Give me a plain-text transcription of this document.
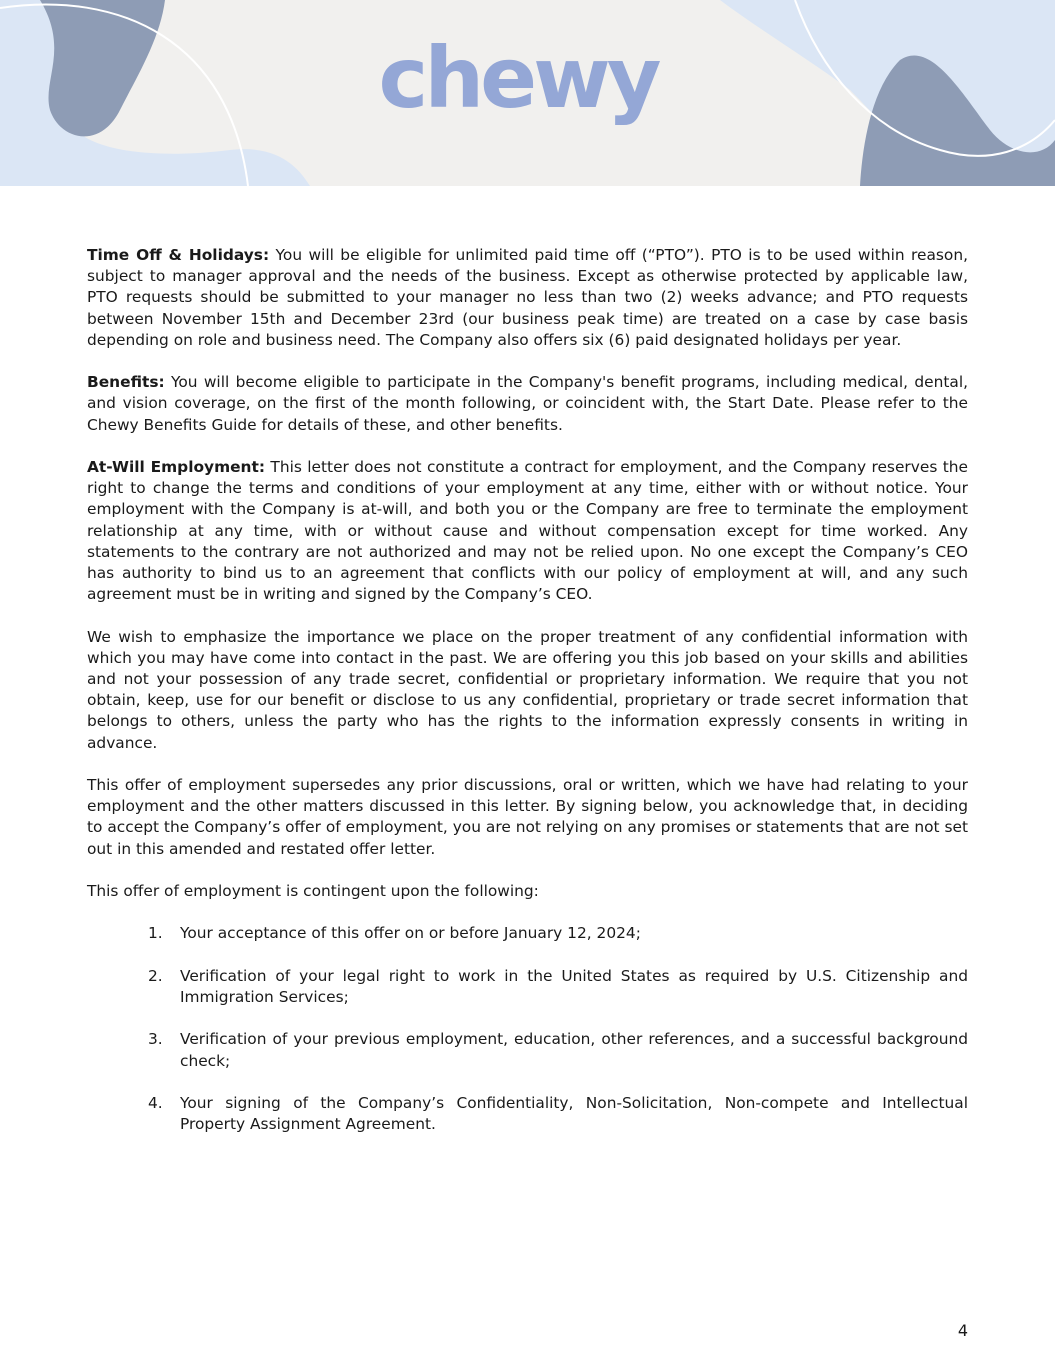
chewy

Time Off & Holidays: You will be eligible for unlimited paid time off (“PTO”). PTO is to be used within reason, subject to manager approval and the needs of the business. Except as otherwise protected by applicable law, PTO requests should be submitted to your manager no less than two (2) weeks advance; and PTO requests between November 15th and December 23rd (our business peak time) are treated on a case by case basis depending on role and business need. The Company also offers six (6) paid designated holidays per year.

Benefits: You will become eligible to participate in the Company's benefit programs, including medical, dental, and vision coverage, on the first of the month following, or coincident with, the Start Date. Please refer to the Chewy Benefits Guide for details of these, and other benefits.

At-Will Employment: This letter does not constitute a contract for employment, and the Company reserves the right to change the terms and conditions of your employment at any time, either with or without notice. Your employment with the Company is at-will, and both you or the Company are free to terminate the employment relationship at any time, with or without cause and without compensation except for time worked. Any statements to the contrary are not authorized and may not be relied upon. No one except the Company’s CEO has authority to bind us to an agreement that conflicts with our policy of employment at will, and any such agreement must be in writing and signed by the Company’s CEO.

We wish to emphasize the importance we place on the proper treatment of any confidential information with which you may have come into contact in the past. We are offering you this job based on your skills and abilities and not your possession of any trade secret, confidential or proprietary information. We require that you not obtain, keep, use for our benefit or disclose to us any confidential, proprietary or trade secret information that belongs to others, unless the party who has the rights to the information expressly consents in writing in advance.

This offer of employment supersedes any prior discussions, oral or written, which we have had relating to your employment and the other matters discussed in this letter. By signing below, you acknowledge that, in deciding to accept the Company’s offer of employment, you are not relying on any promises or statements that are not set out in this amended and restated offer letter.

This offer of employment is contingent upon the following:

1. Your acceptance of this offer on or before January 12, 2024;
2. Verification of your legal right to work in the United States as required by U.S. Citizenship and Immigration Services;
3. Verification of your previous employment, education, other references, and a successful background check;
4. Your signing of the Company’s Confidentiality, Non-Solicitation, Non-compete and Intellectual Property Assignment Agreement.
4
